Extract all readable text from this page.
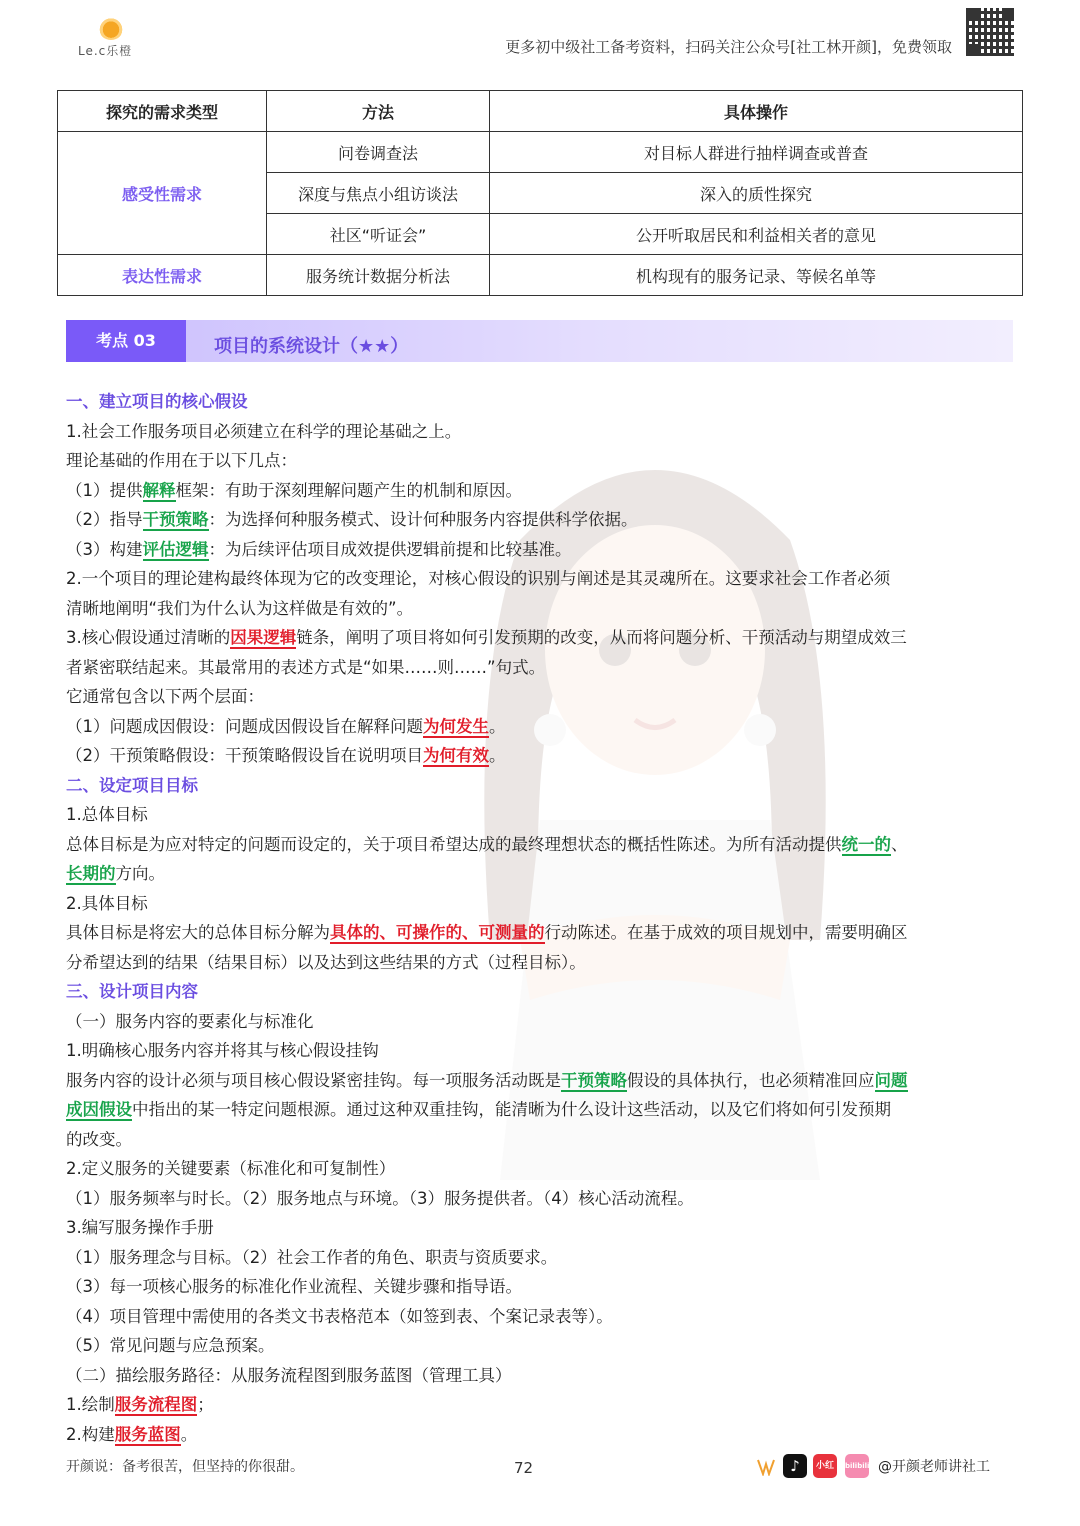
Le.c乐橙	更多初中级社工备考资料，扫码关注公众号[社工林开颜]，免费领取
探究的需求类型	方法	具体操作
感受性需求	问卷调查法	对目标人群进行抽样调查或普查
	深度与焦点小组访谈法	深入的质性探究
	社区“听证会”	公开听取居民和利益相关者的意见
表达性需求	服务统计数据分析法	机构现有的服务记录、等候名单等
考点 03	项目的系统设计（★★）
一、建立项目的核心假设
1.社会工作服务项目必须建立在科学的理论基础之上。
理论基础的作用在于以下几点：
（1）提供解释框架：有助于深刻理解问题产生的机制和原因。
（2）指导干预策略：为选择何种服务模式、设计何种服务内容提供科学依据。
（3）构建评估逻辑：为后续评估项目成效提供逻辑前提和比较基准。
2.一个项目的理论建构最终体现为它的改变理论，对核心假设的识别与阐述是其灵魂所在。这要求社会工作者必须
清晰地阐明“我们为什么认为这样做是有效的”。
3.核心假设通过清晰的因果逻辑链条，阐明了项目将如何引发预期的改变，从而将问题分析、干预活动与期望成效三
者紧密联结起来。其最常用的表述方式是“如果……则……”句式。
它通常包含以下两个层面：
（1）问题成因假设：问题成因假设旨在解释问题为何发生。
（2）干预策略假设：干预策略假设旨在说明项目为何有效。
二、设定项目目标
1.总体目标
总体目标是为应对特定的问题而设定的，关于项目希望达成的最终理想状态的概括性陈述。为所有活动提供统一的、
长期的方向。
2.具体目标
具体目标是将宏大的总体目标分解为具体的、可操作的、可测量的行动陈述。在基于成效的项目规划中，需要明确区
分希望达到的结果（结果目标）以及达到这些结果的方式（过程目标）。
三、设计项目内容
（一）服务内容的要素化与标准化
1.明确核心服务内容并将其与核心假设挂钩
服务内容的设计必须与项目核心假设紧密挂钩。每一项服务活动既是干预策略假设的具体执行，也必须精准回应问题
成因假设中指出的某一特定问题根源。通过这种双重挂钩，能清晰为什么设计这些活动，以及它们将如何引发预期
的改变。
2.定义服务的关键要素（标准化和可复制性）
（1）服务频率与时长。（2）服务地点与环境。（3）服务提供者。（4）核心活动流程。
3.编写服务操作手册
（1）服务理念与目标。（2）社会工作者的角色、职责与资质要求。
（3）每一项核心服务的标准化作业流程、关键步骤和指导语。
（4）项目管理中需使用的各类文书表格范本（如签到表、个案记录表等）。
（5）常见问题与应急预案。
（二）描绘服务路径：从服务流程图到服务蓝图（管理工具）
1.绘制服务流程图；
2.构建服务蓝图。
开颜说：备考很苦，但坚持的你很甜。	72	♪	小红书
bilibili @开颜老师讲社工
